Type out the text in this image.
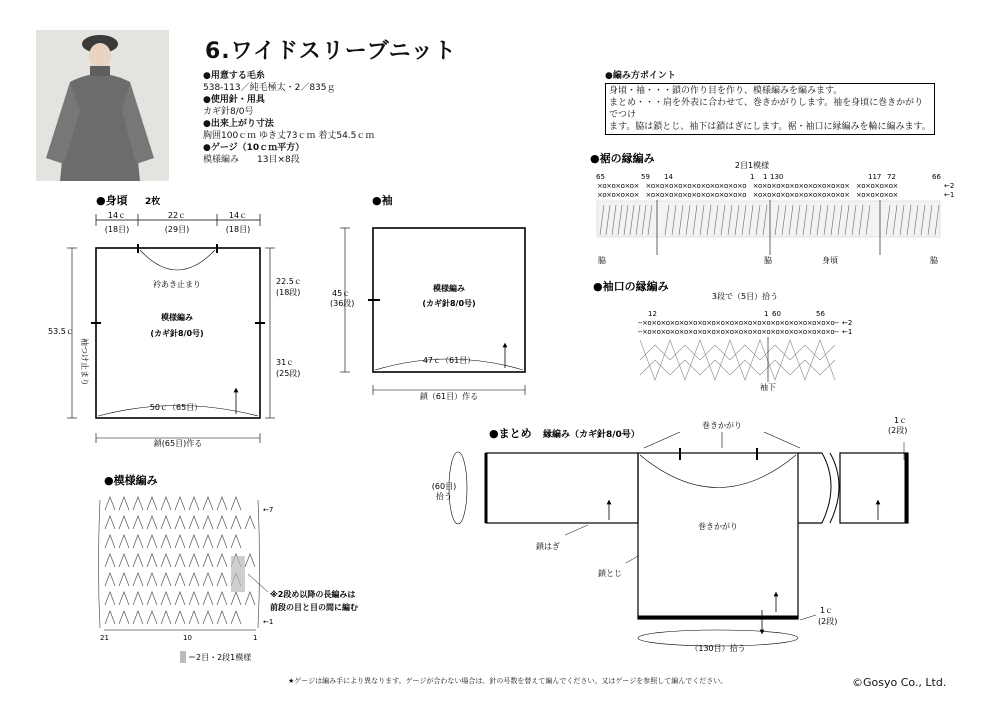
6.ワイドスリーブニット
●用意する毛糸
538-113／純毛極太・2／835ｇ
●使用針・用具
カギ針8/0号
●出来上がり寸法
胸囲100ｃｍ ゆき丈73ｃｍ 着丈54.5ｃｍ
●ゲージ（10ｃｍ平方）
模様編み　　13目×8段
●編み方ポイント
身頃・袖・・・鎖の作り目を作り、模様編みを編みます。
まとめ・・・肩を外表に合わせて、巻きかがりします。袖を身頃に巻きかがりでつけ
ます。脇は鎖とじ、袖下は鎖はぎにします。裾・袖口に縁編みを輪に編みます。
●身頃 2枚
14ｃ
(18目)
22ｃ
(29目)
14ｃ
(18目)
衿あき止まり
模様編み
(カギ針8/0号)
50ｃ（65目）
22.5ｃ
(18段)
31ｃ
(25段)
53.5ｃ
袖つけ止まり
鎖(65目)作る
●袖
45ｃ
(36段)
模様編み
(カギ針8/0号)
47ｃ（61目）
鎖（61目）作る
●裾の縁編み
2目1模様
65	59 14	1 1 130	117 72	66
×o×o×o×o×　×o×o×o×o×o×o×o×o×o×o×o　×o×o×o×o×o×o×o×o×o×o×　×o×o×o×o×
×o×o×o×o×　×o×o×o×o×o×o×o×o×o×o×o　×o×o×o×o×o×o×o×o×o×o×　×o×o×o×o×
←2
←1
脇	脇	身頃	脇
●袖口の縁編み
3段で（5目）拾う
12	1 60	56
--×o×o×o×o×o×o×o×o×o×o×o×o×o×o×o×o×o×o×o×o×o--
--×o×o×o×o×o×o×o×o×o×o×o×o×o×o×o×o×o×o×o×o×o--
←2
←1
袖下
●模様編み
21	10	1
←7
←1
※2段め以降の長編みは
前段の目と目の間に編む
＝2目・2段1模様
●まとめ 縁編み（カギ針8/0号）
巻きかがり
巻きかがり
(60目)
拾う
鎖はぎ
鎖とじ
1ｃ
(2段)
1ｃ
(2段)
（130目）拾う
★ゲージは編み手により異なります。ゲージが合わない場合は、針の号数を替えて編んでください。又はゲージを参照して編んでください。	©Gosyo Co., Ltd.
